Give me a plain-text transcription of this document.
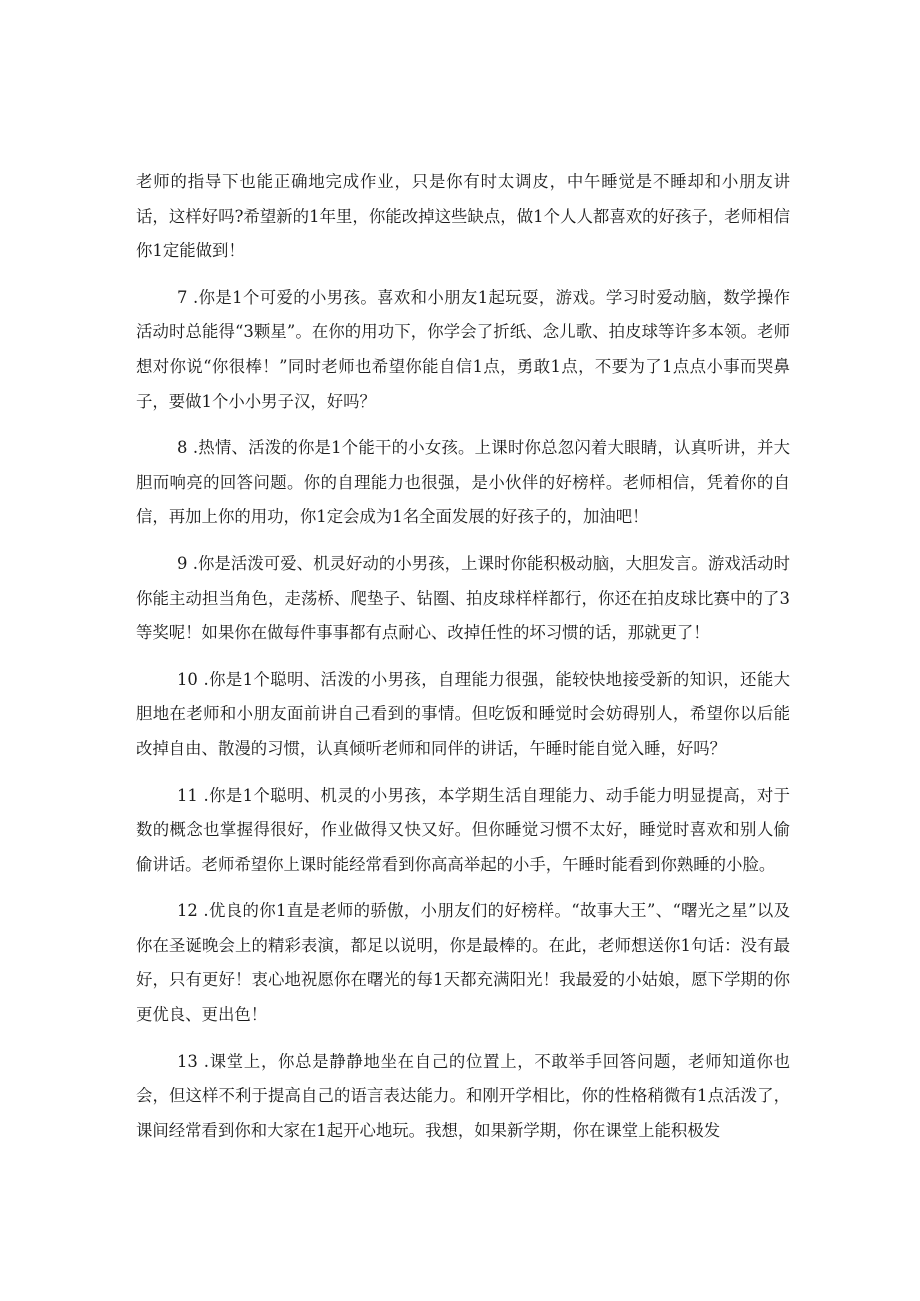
老师的指导下也能正确地完成作业，只是你有时太调皮，中午睡觉是不睡却和小朋友讲话，这样好吗?希望新的1年里，你能改掉这些缺点，做1个人人都喜欢的好孩子，老师相信你1定能做到！

7 .你是1个可爱的小男孩。喜欢和小朋友1起玩耍，游戏。学习时爱动脑，数学操作活动时总能得“3颗星”。在你的用功下，你学会了折纸、念儿歌、拍皮球等许多本领。老师想对你说“你很棒！”同时老师也希望你能自信1点，勇敢1点，不要为了1点点小事而哭鼻子，要做1个小小男子汉，好吗？

8 .热情、活泼的你是1个能干的小女孩。上课时你总忽闪着大眼睛，认真听讲，并大胆而响亮的回答问题。你的自理能力也很强，是小伙伴的好榜样。老师相信，凭着你的自信，再加上你的用功，你1定会成为1名全面发展的好孩子的，加油吧！

9 .你是活泼可爱、机灵好动的小男孩，上课时你能积极动脑，大胆发言。游戏活动时你能主动担当角色，走荡桥、爬垫子、钻圈、拍皮球样样都行，你还在拍皮球比赛中的了3等奖呢！如果你在做每件事事都有点耐心、改掉任性的坏习惯的话，那就更了！

10 .你是1个聪明、活泼的小男孩，自理能力很强，能较快地接受新的知识，还能大胆地在老师和小朋友面前讲自己看到的事情。但吃饭和睡觉时会妨碍别人，希望你以后能改掉自由、散漫的习惯，认真倾听老师和同伴的讲话，午睡时能自觉入睡，好吗？

11 .你是1个聪明、机灵的小男孩，本学期生活自理能力、动手能力明显提高，对于数的概念也掌握得很好，作业做得又快又好。但你睡觉习惯不太好，睡觉时喜欢和别人偷偷讲话。老师希望你上课时能经常看到你高高举起的小手，午睡时能看到你熟睡的小脸。

12 .优良的你1直是老师的骄傲，小朋友们的好榜样。“故事大王”、“曙光之星”以及你在圣诞晚会上的精彩表演，都足以说明，你是最棒的。在此，老师想送你1句话：没有最好，只有更好！衷心地祝愿你在曙光的每1天都充满阳光！我最爱的小姑娘，愿下学期的你更优良、更出色！

13 .课堂上，你总是静静地坐在自己的位置上，不敢举手回答问题，老师知道你也会，但这样不利于提高自己的语言表达能力。和刚开学相比，你的性格稍微有1点活泼了，课间经常看到你和大家在1起开心地玩。我想，如果新学期，你在课堂上能积极发
